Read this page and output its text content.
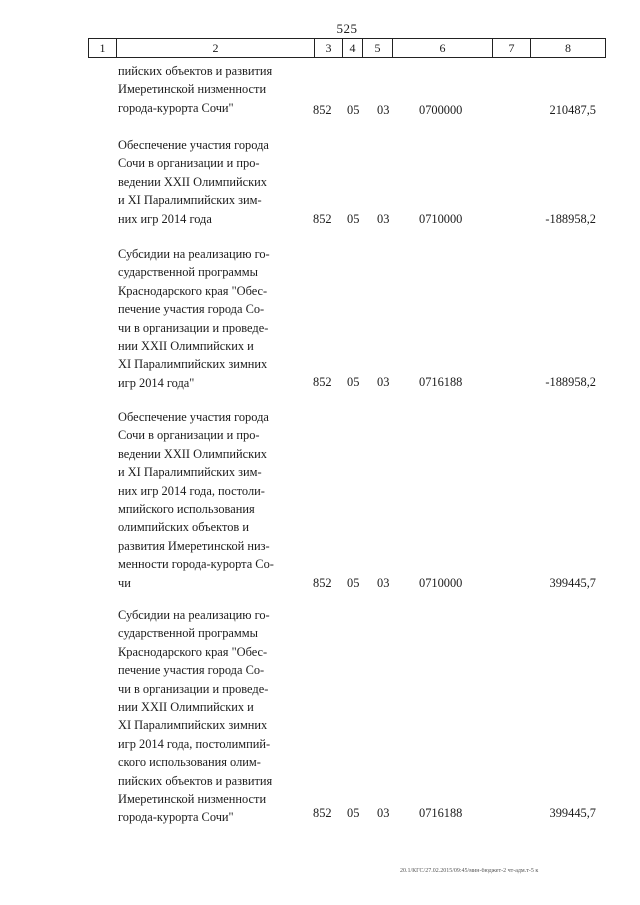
525
1	2	3	4	5	6	7	8
пийских объектов и развития
Имеретинской низменности
города-курорта Сочи"	852 05 03 0700000	210487,5
Обеспечение участия города
Сочи в организации и про-
ведении XXII Олимпийских
и XI Паралимпийских зим-
них игр 2014 года	852 05 03 0710000	-188958,2
Субсидии на реализацию го-
сударственной программы
Краснодарского края "Обес-
печение участия города Со-
чи в организации и проведе-
нии XXII Олимпийских и
XI Паралимпийских зимних
игр 2014 года"	852 05 03 0716188	-188958,2
Обеспечение участия города
Сочи в организации и про-
ведении XXII Олимпийских
и XI Паралимпийских зим-
них игр 2014 года, постоли-
мпийского использования
олимпийских объектов и
развития Имеретинской низ-
менности города-курорта Со-
чи	852 05 03 0710000	399445,7
Субсидии на реализацию го-
сударственной программы
Краснодарского края "Обес-
печение участия города Со-
чи в организации и проведе-
нии XXII Олимпийских и
XI Паралимпийских зимних
игр 2014 года, постолимпий-
ского использования олим-
пийских объектов и развития
Имеретинской низменности
города-курорта Сочи"	852 05 03 0716188	399445,7
20.1/КГС/27.02.2015/09:45/мин-бюджет-2 чт-адм.т-5 к
